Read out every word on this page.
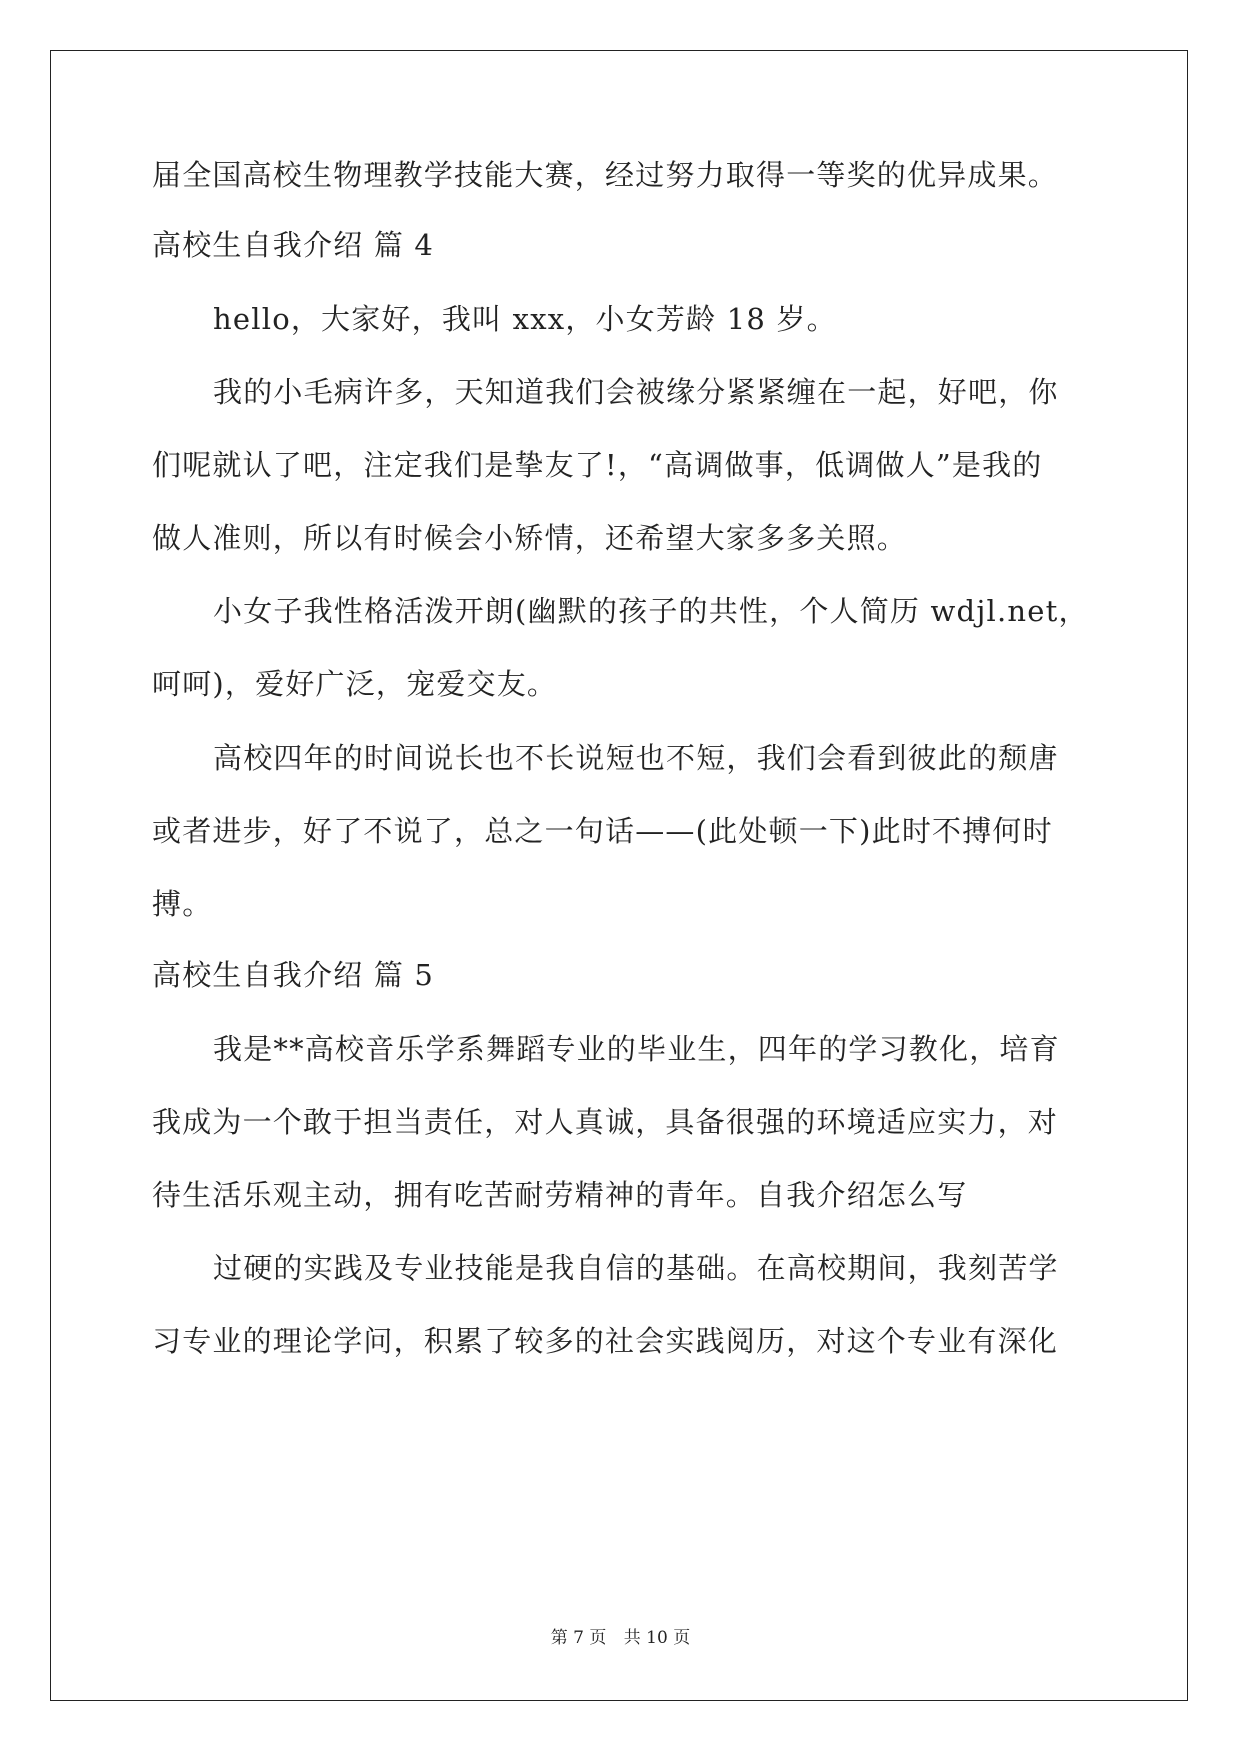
届全国高校生物理教学技能大赛，经过努力取得一等奖的优异成果。
高校生自我介绍 篇 4
hello，大家好，我叫 xxx，小女芳龄 18 岁。
我的小毛病许多，天知道我们会被缘分紧紧缠在一起，好吧，你
们呢就认了吧，注定我们是挚友了!，“高调做事，低调做人”是我的
做人准则，所以有时候会小矫情，还希望大家多多关照。
小女子我性格活泼开朗(幽默的孩子的共性，个人简历 wdjl.net，
呵呵)，爱好广泛，宠爱交友。
高校四年的时间说长也不长说短也不短，我们会看到彼此的颓唐
或者进步，好了不说了，总之一句话——(此处顿一下)此时不搏何时
搏。
高校生自我介绍 篇 5
我是**高校音乐学系舞蹈专业的毕业生，四年的学习教化，培育
我成为一个敢于担当责任，对人真诚，具备很强的环境适应实力，对
待生活乐观主动，拥有吃苦耐劳精神的青年。自我介绍怎么写
过硬的实践及专业技能是我自信的基础。在高校期间，我刻苦学
习专业的理论学问，积累了较多的社会实践阅历，对这个专业有深化
第 7 页 共 10 页
